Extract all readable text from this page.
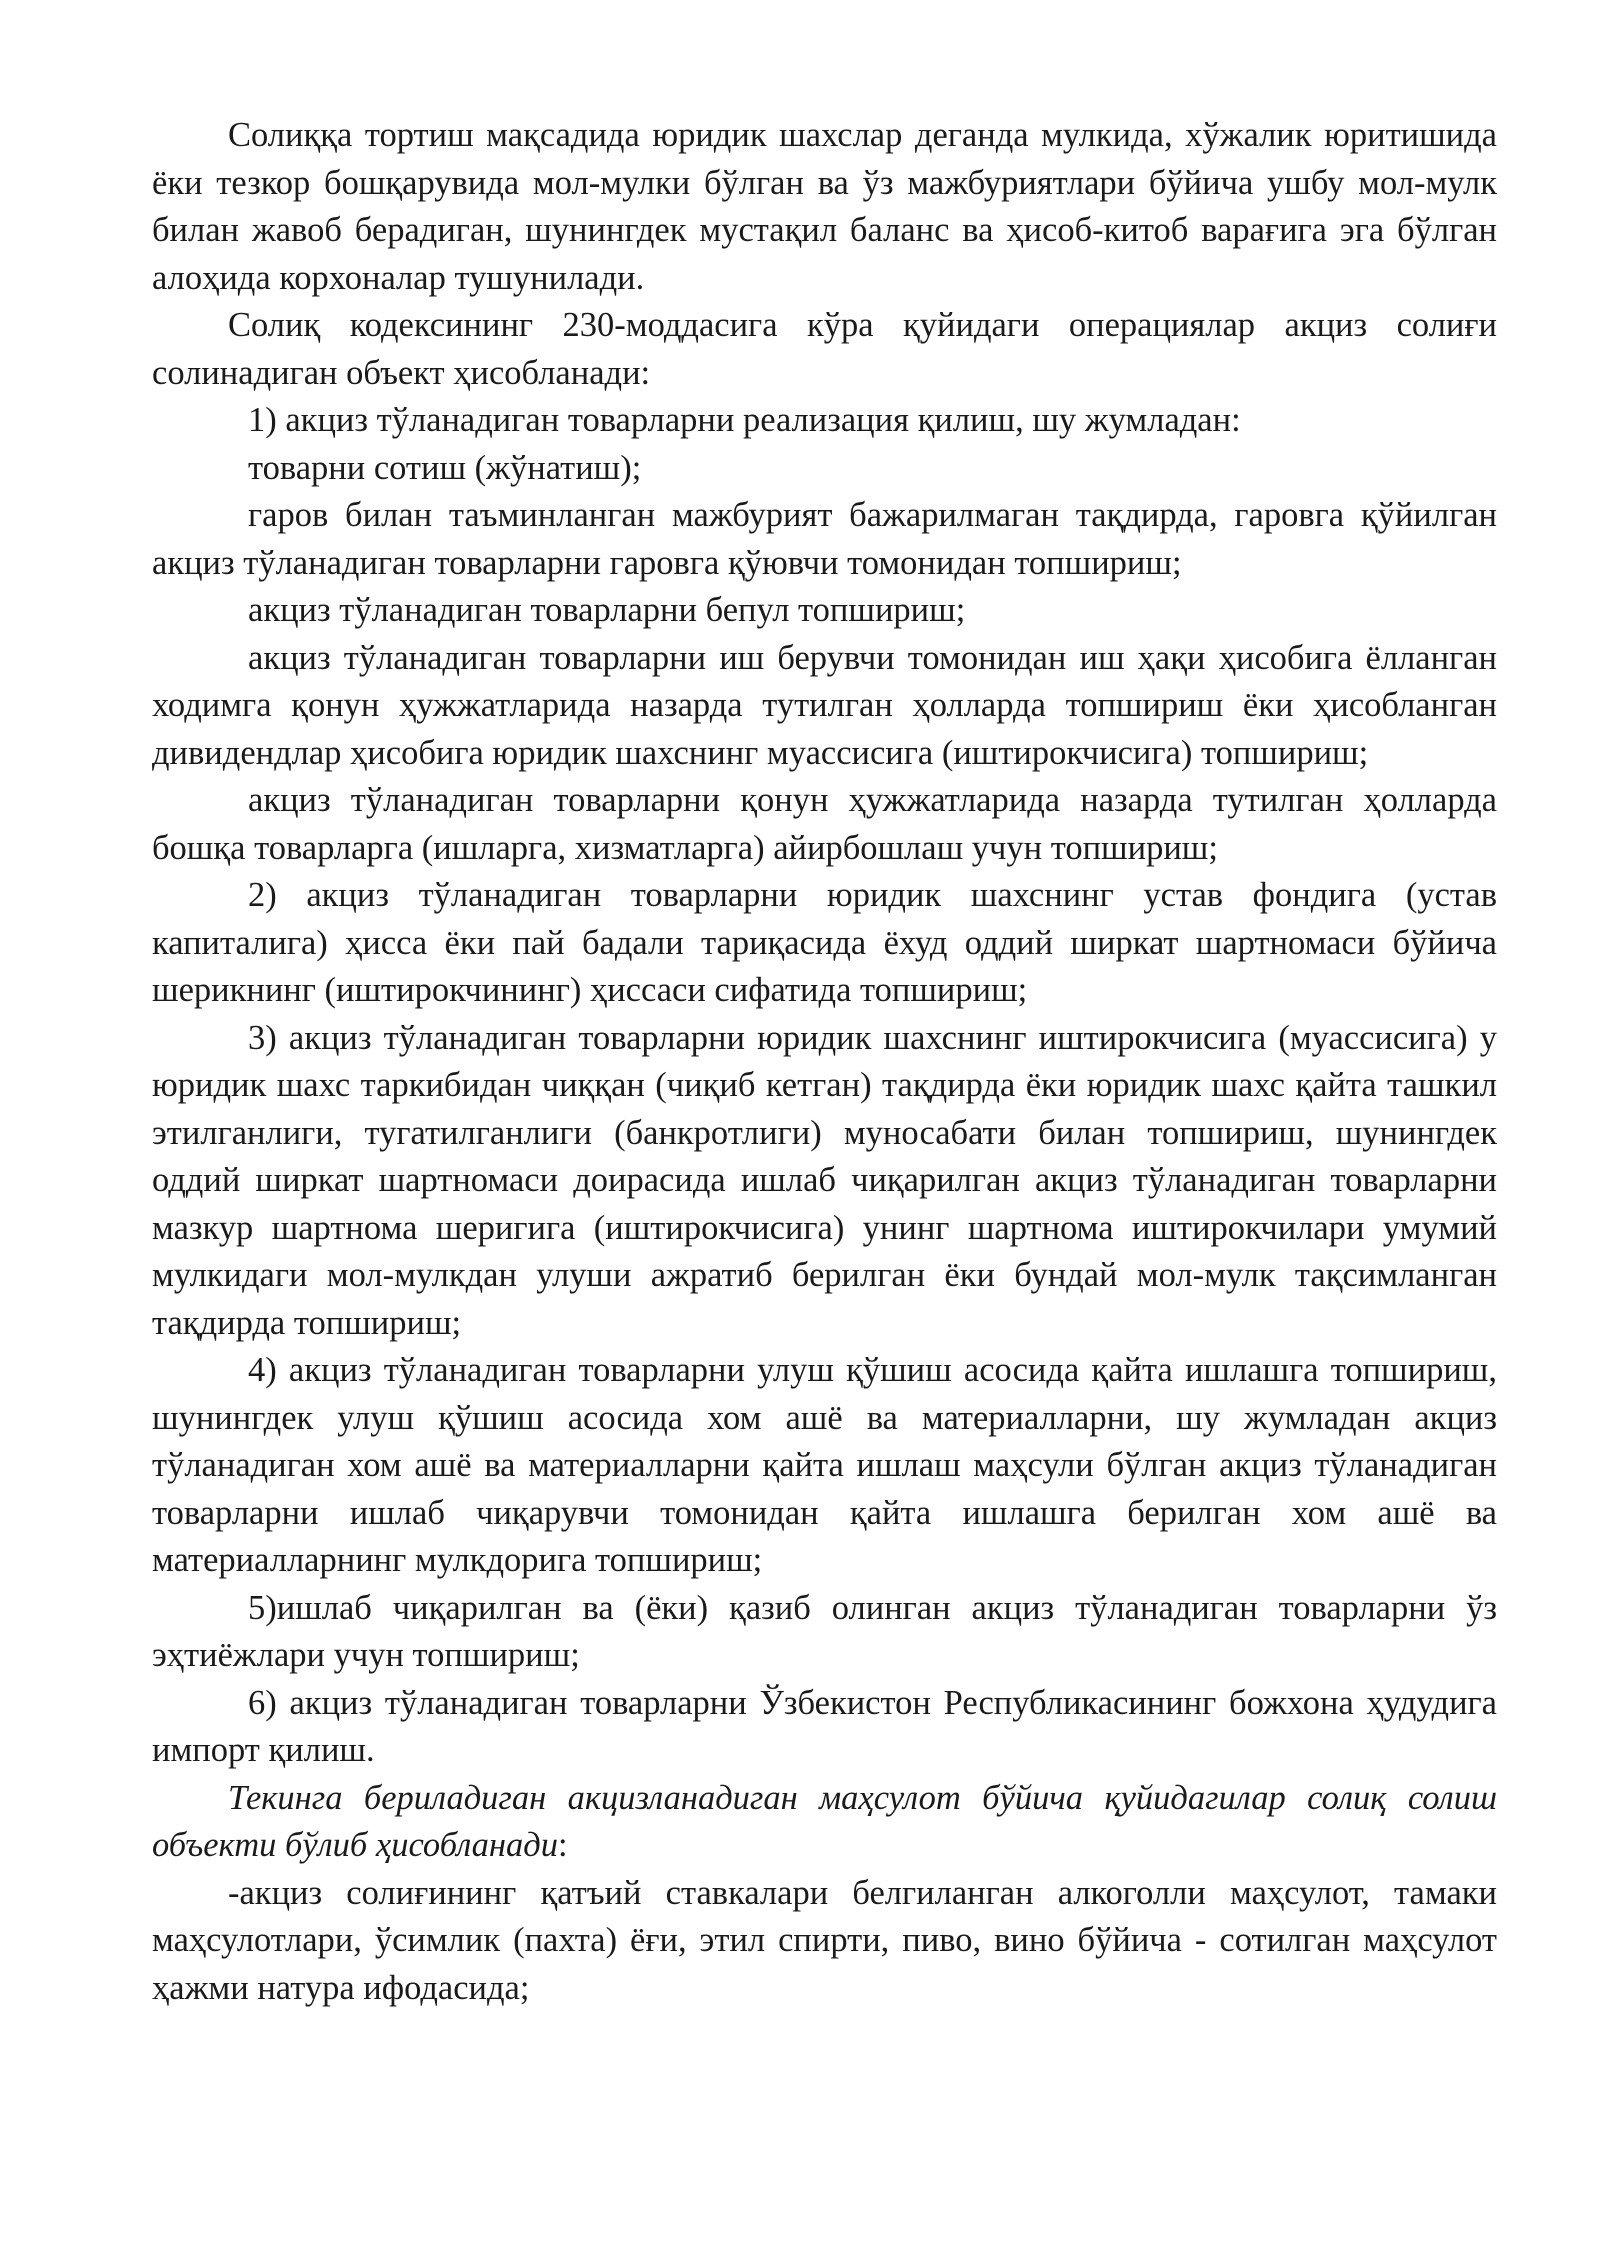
Солиққа тортиш мақсадида юридик шахслар деганда мулкида, хўжалик юритишида ёки тезкор бошқарувида мол-мулки бўлган ва ўз мажбуриятлари бўйича ушбу мол-мулк билан жавоб берадиган, шунингдек мустақил баланс ва ҳисоб-китоб варағига эга бўлган алоҳида корхоналар тушунилади.

Солиқ кодексининг 230-моддасига кўра қуйидаги операциялар акциз солиғи солинадиган объект ҳисобланади:

1) акциз тўланадиган товарларни реализация қилиш, шу жумладан:

товарни сотиш (жўнатиш);

гаров билан таъминланган мажбурият бажарилмаган тақдирда, гаровга қўйилган акциз тўланадиган товарларни гаровга қўювчи томонидан топшириш;

акциз тўланадиган товарларни бепул топшириш;

акциз тўланадиган товарларни иш берувчи томонидан иш ҳақи ҳисобига ёлланган ходимга қонун ҳужжатларида назарда тутилган ҳолларда топшириш ёки ҳисобланган дивидендлар ҳисобига юридик шахснинг муассисига (иштирокчисига) топшириш;

акциз тўланадиган товарларни қонун ҳужжатларида назарда тутилган ҳолларда бошқа товарларга (ишларга, хизматларга) айирбошлаш учун топшириш;

2) акциз тўланадиган товарларни юридик шахснинг устав фондига (устав капиталига) ҳисса ёки пай бадали тариқасида ёхуд оддий ширкат шартномаси бўйича шерикнинг (иштирокчининг) ҳиссаси сифатида топшириш;

3) акциз тўланадиган товарларни юридик шахснинг иштирокчисига (муассисига) у юридик шахс таркибидан чиққан (чиқиб кетган) тақдирда ёки юридик шахс қайта ташкил этилганлиги, тугатилганлиги (банкротлиги) муносабати билан топшириш, шунингдек оддий ширкат шартномаси доирасида ишлаб чиқарилган акциз тўланадиган товарларни мазкур шартнома шеригига (иштирокчисига) унинг шартнома иштирокчилари умумий мулкидаги мол-мулкдан улуши ажратиб берилган ёки бундай мол-мулк тақсимланган тақдирда топшириш;

4) акциз тўланадиган товарларни улуш қўшиш асосида қайта ишлашга топшириш, шунингдек улуш қўшиш асосида хом ашё ва материалларни, шу жумладан акциз тўланадиган хом ашё ва материалларни қайта ишлаш маҳсули бўлган акциз тўланадиган товарларни ишлаб чиқарувчи томонидан қайта ишлашга берилган хом ашё ва материалларнинг мулкдорига топшириш;

5)ишлаб чиқарилган ва (ёки) қазиб олинган акциз тўланадиган товарларни ўз эҳтиёжлари учун топшириш;

6) акциз тўланадиган товарларни Ўзбекистон Республикасининг божхона ҳудудига импорт қилиш.

Текинга бериладиган акцизланадиган маҳсулот бўйича қуйидагилар солиқ солиш объекти бўлиб ҳисобланади:

-акциз солиғининг қатъий ставкалари белгиланган алкоголли маҳсулот, тамаки маҳсулотлари, ўсимлик (пахта) ёғи, этил спирти, пиво, вино бўйича - сотилган маҳсулот ҳажми натура ифодасида;
